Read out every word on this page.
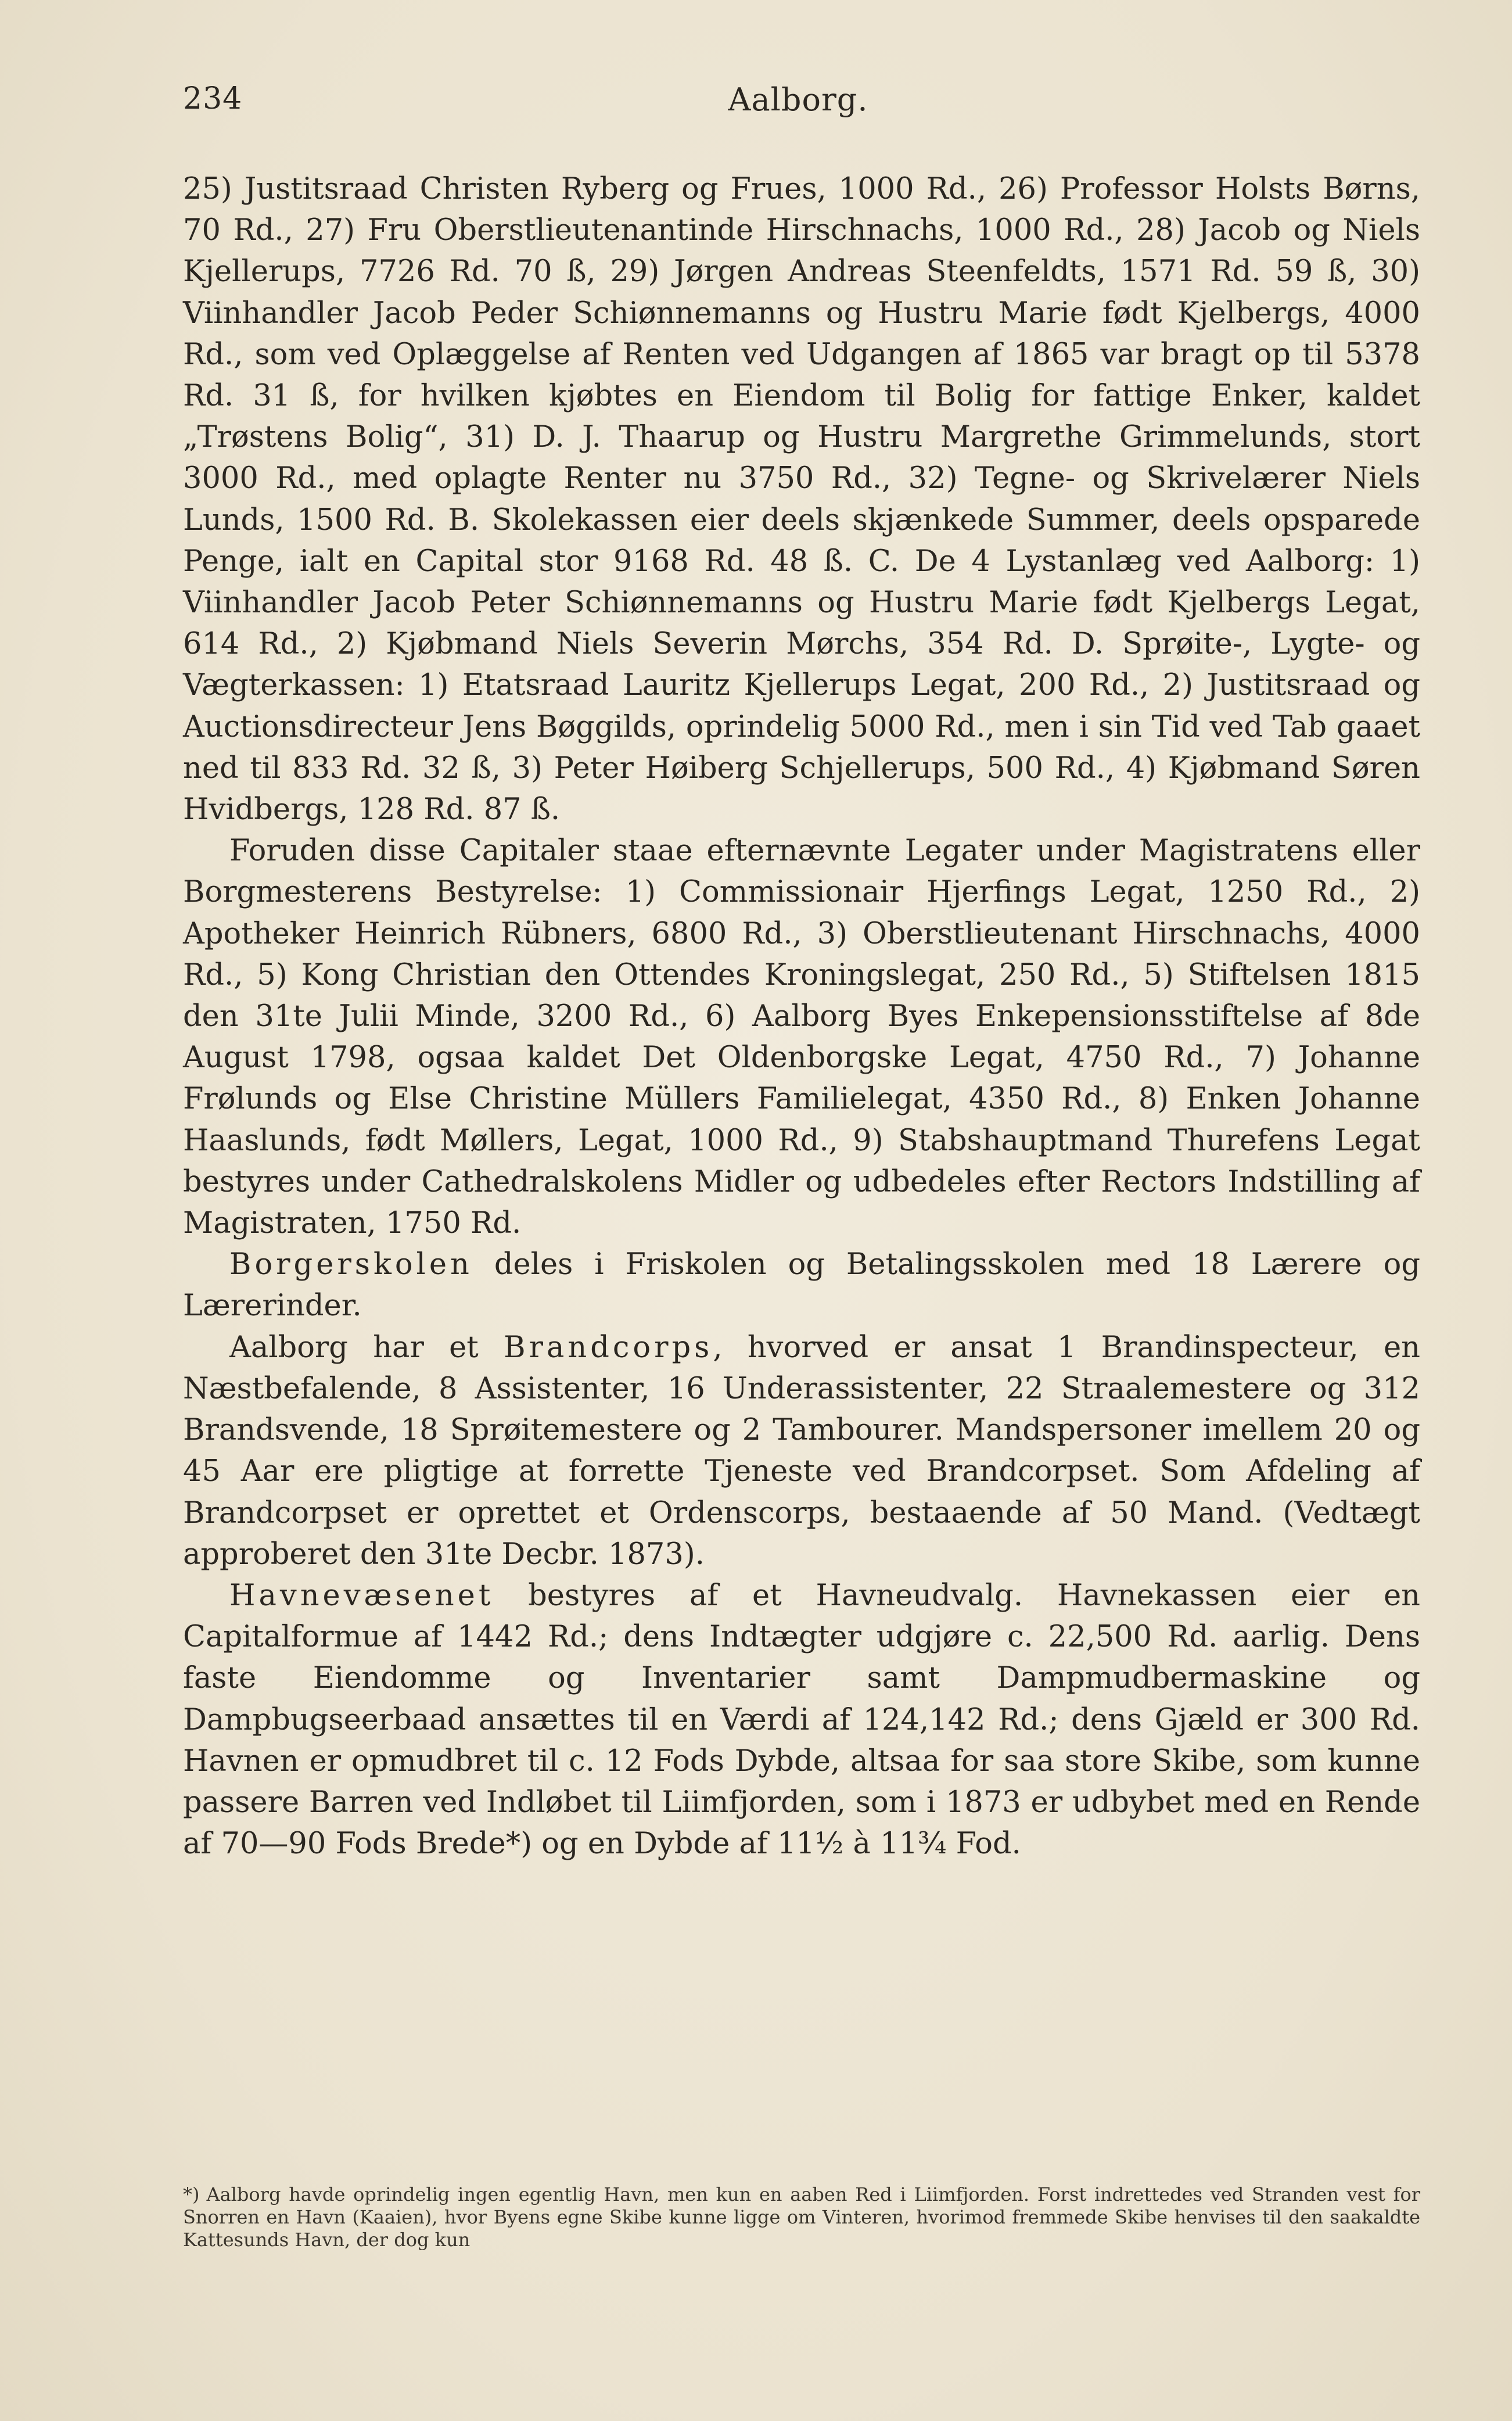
234	Aalborg.

25) Justitsraad Christen Ryberg og Frues, 1000 Rd., 26) Professor Holsts Børns, 70 Rd., 27) Fru Oberstlieutenantinde Hirschnachs, 1000 Rd., 28) Jacob og Niels Kjellerups, 7726 Rd. 70 ß, 29) Jørgen Andreas Steenfeldts, 1571 Rd. 59 ß, 30) Viinhandler Jacob Peder Schiønnemanns og Hustru Marie født Kjelbergs, 4000 Rd., som ved Oplæggelse af Renten ved Udgangen af 1865 var bragt op til 5378 Rd. 31 ß, for hvilken kjøbtes en Eiendom til Bolig for fattige Enker, kaldet „Trøstens Bolig“, 31) D. J. Thaarup og Hustru Margrethe Grimmelunds, stort 3000 Rd., med oplagte Renter nu 3750 Rd., 32) Tegne- og Skrivelærer Niels Lunds, 1500 Rd. B. Skolekassen eier deels skjænkede Summer, deels opsparede Penge, ialt en Capital stor 9168 Rd. 48 ß. C. De 4 Lystanlæg ved Aalborg: 1) Viinhandler Jacob Peter Schiønnemanns og Hustru Marie født Kjelbergs Legat, 614 Rd., 2) Kjøbmand Niels Severin Mørchs, 354 Rd. D. Sprøite-, Lygte- og Vægterkassen: 1) Etatsraad Lauritz Kjellerups Legat, 200 Rd., 2) Justitsraad og Auctionsdirecteur Jens Bøggilds, oprindelig 5000 Rd., men i sin Tid ved Tab gaaet ned til 833 Rd. 32 ß, 3) Peter Høiberg Schjellerups, 500 Rd., 4) Kjøbmand Søren Hvidbergs, 128 Rd. 87 ß.

Foruden disse Capitaler staae efternævnte Legater under Magistratens eller Borgmesterens Bestyrelse: 1) Commissionair Hjerfings Legat, 1250 Rd., 2) Apotheker Heinrich Rübners, 6800 Rd., 3) Oberstlieutenant Hirschnachs, 4000 Rd., 5) Kong Christian den Ottendes Kroningslegat, 250 Rd., 5) Stiftelsen 1815 den 31te Julii Minde, 3200 Rd., 6) Aalborg Byes Enkepensionsstiftelse af 8de August 1798, ogsaa kaldet Det Oldenborgske Legat, 4750 Rd., 7) Johanne Frølunds og Else Christine Müllers Familielegat, 4350 Rd., 8) Enken Johanne Haaslunds, født Møllers, Legat, 1000 Rd., 9) Stabshauptmand Thurefens Legat bestyres under Cathedralskolens Midler og udbedeles efter Rectors Indstilling af Magistraten, 1750 Rd.

Borgerskolen deles i Friskolen og Betalingsskolen med 18 Lærere og Lærerinder.

Aalborg har et Brandcorps, hvorved er ansat 1 Brandinspecteur, en Næstbefalende, 8 Assistenter, 16 Underassistenter, 22 Straalemestere og 312 Brandsvende, 18 Sprøitemestere og 2 Tambourer. Mandspersoner imellem 20 og 45 Aar ere pligtige at forrette Tjeneste ved Brandcorpset. Som Afdeling af Brandcorpset er oprettet et Ordenscorps, bestaaende af 50 Mand. (Vedtægt approberet den 31te Decbr. 1873).

Havnevæsenet bestyres af et Havneudvalg. Havnekassen eier en Capitalformue af 1442 Rd.; dens Indtægter udgjøre c. 22,500 Rd. aarlig. Dens faste Eiendomme og Inventarier samt Dampmudbermaskine og Dampbugseerbaad ansættes til en Værdi af 124,142 Rd.; dens Gjæld er 300 Rd. Havnen er opmudbret til c. 12 Fods Dybde, altsaa for saa store Skibe, som kunne passere Barren ved Indløbet til Liimfjorden, som i 1873 er udbybet med en Rende af 70—90 Fods Brede*) og en Dybde af 11½ à 11¾ Fod.

*) Aalborg havde oprindelig ingen egentlig Havn, men kun en aaben Red i Liimfjorden. Forst indrettedes ved Stranden vest for Snorren en Havn (Kaaien), hvor Byens egne Skibe kunne ligge om Vinteren, hvorimod fremmede Skibe henvises til den saakaldte Kattesunds Havn, der dog kun
